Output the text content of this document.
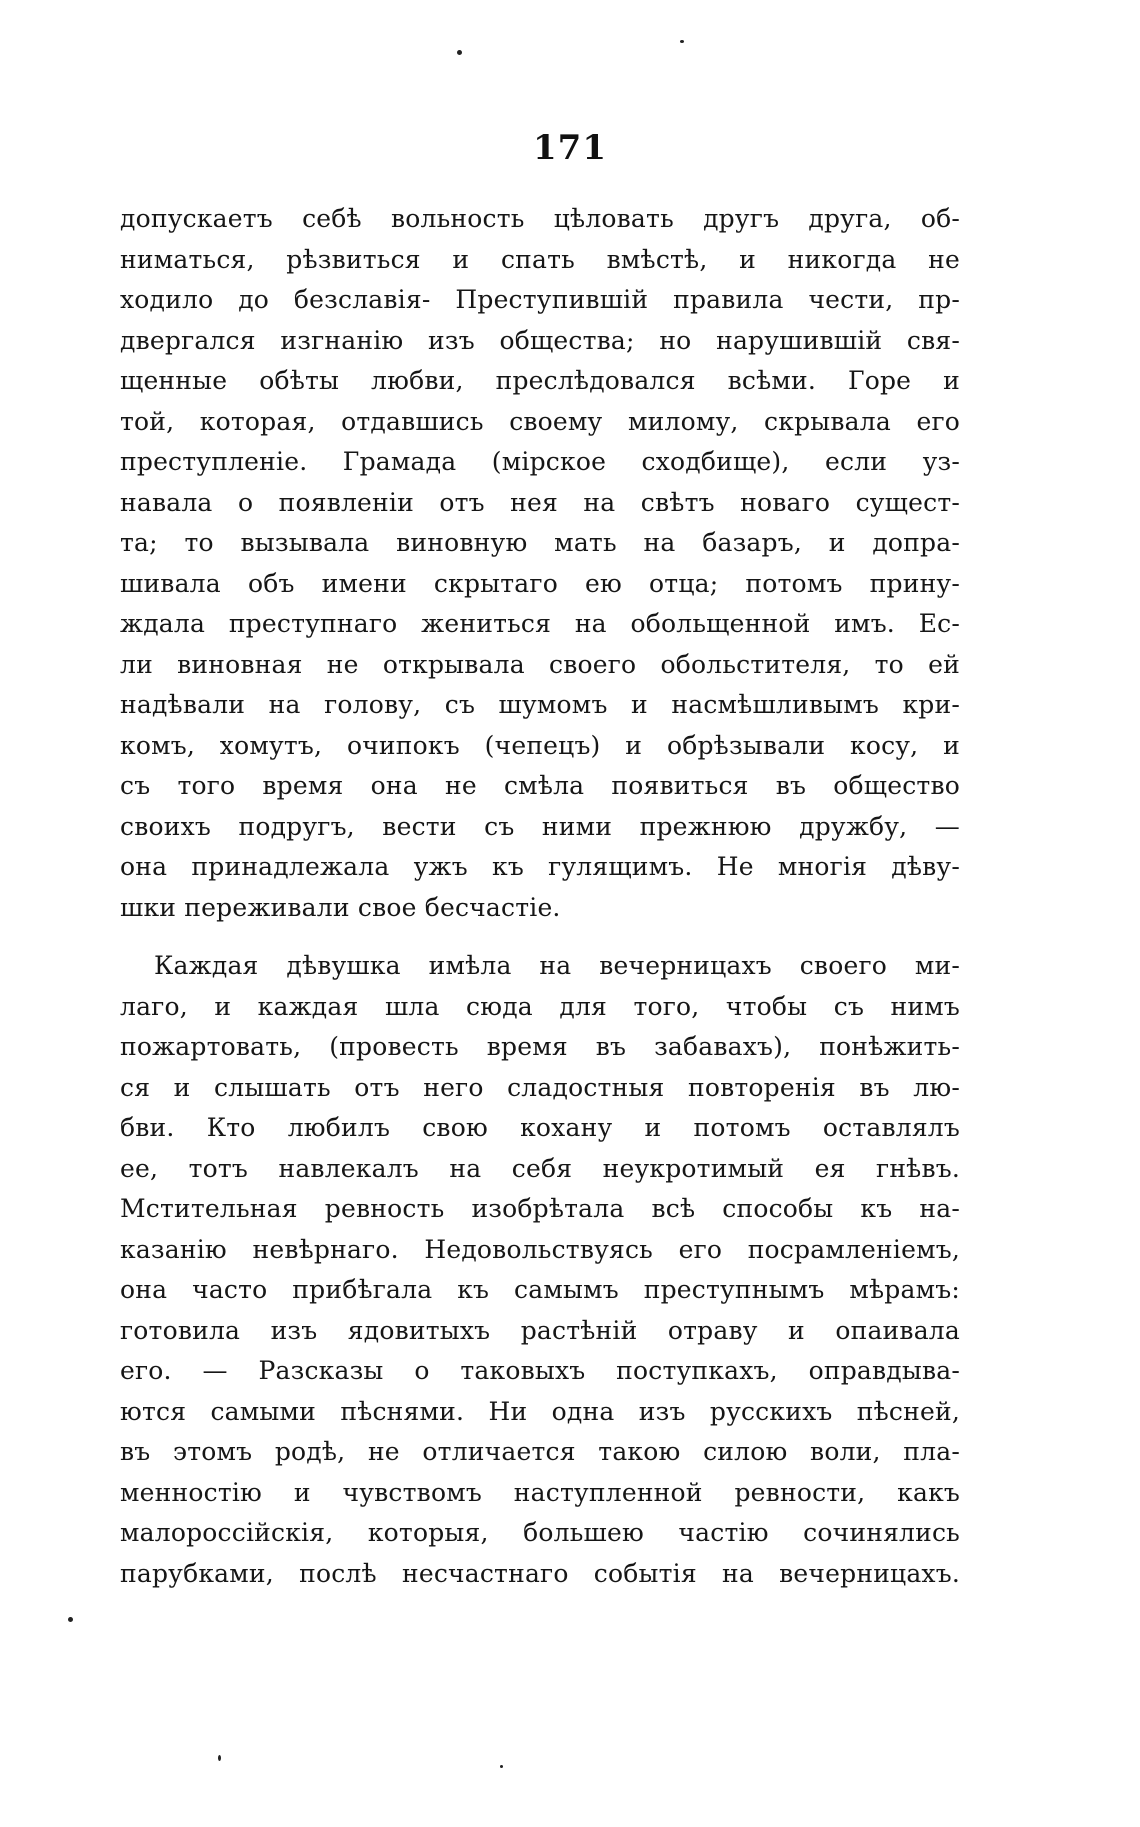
171
допускаетъ себѣ вольность цѣловать другъ друга, об-
ниматься, рѣзвиться и спать вмѣстѣ, и никогда не
ходило до безславія- Преступившій правила чести, пр-
двергался изгнанію изъ общества; но нарушившій свя-
щенные обѣты любви, преслѣдовался всѣми. Горе и
той, которая, отдавшись своему милому, скрывала его
преступленіе. Грамада (мірское сходбище), если уз-
навала о появленіи отъ нея на свѣтъ новаго сущест-
та; то вызывала виновную мать на базаръ, и допра-
шивала объ имени скрытаго ею отца; потомъ прину-
ждала преступнаго жениться на обольщенной имъ. Ес-
ли виновная не открывала своего обольстителя, то ей
надѣвали на голову, съ шумомъ и насмѣшливымъ кри-
комъ, хомутъ, очипокъ (чепецъ) и обрѣзывали косу, и
съ того время она не смѣла появиться въ общество
своихъ подругъ, вести съ ними прежнюю дружбу, —
она принадлежала ужъ къ гулящимъ. Не многія дѣву-
шки переживали свое бесчастіе.
Каждая дѣвушка имѣла на вечерницахъ своего ми-
лаго, и каждая шла сюда для того, чтобы съ нимъ
пожартовать, (провесть время въ забавахъ), понѣжить-
ся и слышать отъ него сладостныя повторенія въ лю-
бви. Кто любилъ свою кохану и потомъ оставлялъ
ее, тотъ навлекалъ на себя неукротимый ея гнѣвъ.
Мстительная ревность изобрѣтала всѣ способы къ на-
казанію невѣрнаго. Недовольствуясь его посрамленіемъ,
она часто прибѣгала къ самымъ преступнымъ мѣрамъ:
готовила изъ ядовитыхъ растѣній отраву и опаивала
его. — Разсказы о таковыхъ поступкахъ, оправдыва-
ются самыми пѣснями. Ни одна изъ русскихъ пѣсней,
въ этомъ родѣ, не отличается такою силою воли, пла-
менностію и чувствомъ наступленной ревности, какъ
малороссійскія, которыя, большею частію сочинялись
парубками, послѣ несчастнаго событія на вечерницахъ.
